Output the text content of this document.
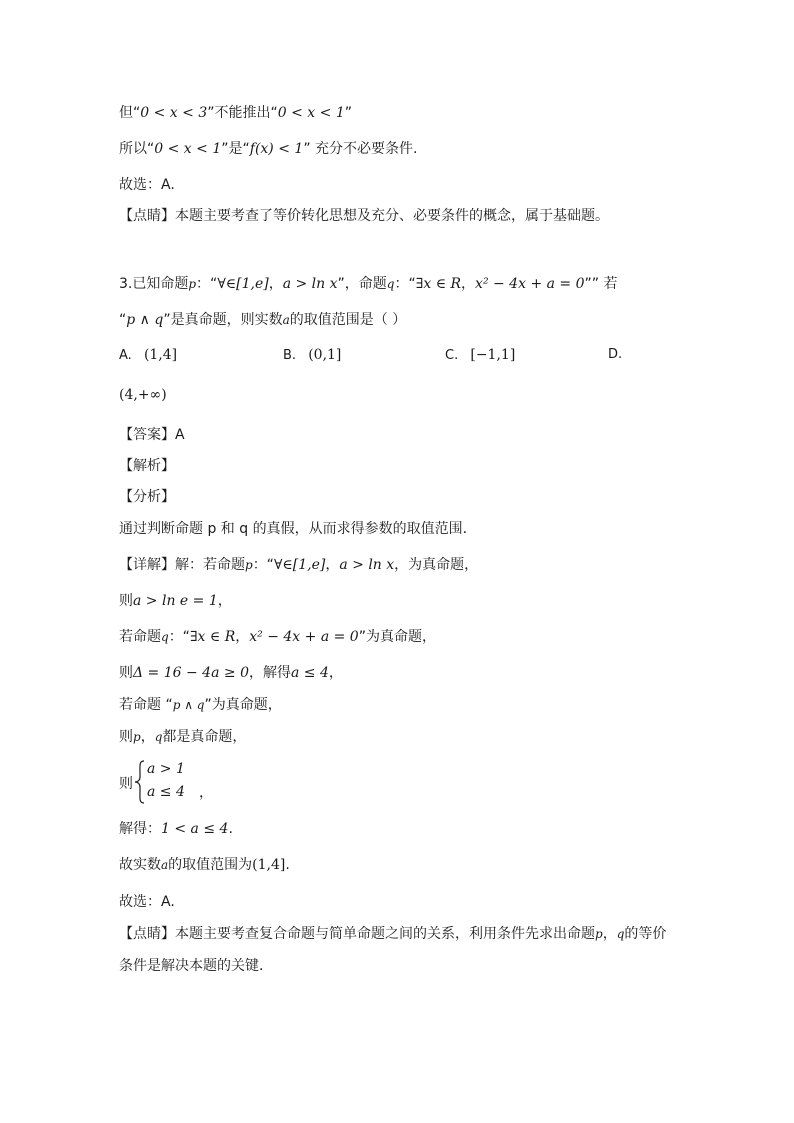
但“0 < x < 3”不能推出“0 < x < 1”
所以“0 < x < 1”是“f(x) < 1” 充分不必要条件.
故选：A.
【点睛】本题主要考查了等价转化思想及充分、必要条件的概念，属于基础题。
3.已知命题p：“∀∈[1,e]，a > ln x”，命题q：“∃x ∈ R，x² − 4x + a = 0”” 若
“p ∧ q”是真命题，则实数a的取值范围是（ ）
A. (1,4]	B. (0,1]	C. [−1,1]	D.
(4,+∞)
【答案】A
【解析】
【分析】
通过判断命题 p 和 q 的真假，从而求得参数的取值范围.
【详解】解：若命题p：“∀∈[1,e]，a > ln x，为真命题，
则a > ln e = 1，
若命题q：“∃x ∈ R，x² − 4x + a = 0”为真命题，
则Δ = 16 − 4a ≥ 0，解得a ≤ 4，
若命题 “p ∧ q”为真命题，
则p，q都是真命题，
则
a > 1
a ≤ 4 ，
解得：1 < a ≤ 4.
故实数a的取值范围为(1,4].
故选：A.
【点睛】本题主要考查复合命题与简单命题之间的关系，利用条件先求出命题p，q的等价
条件是解决本题的关键.
